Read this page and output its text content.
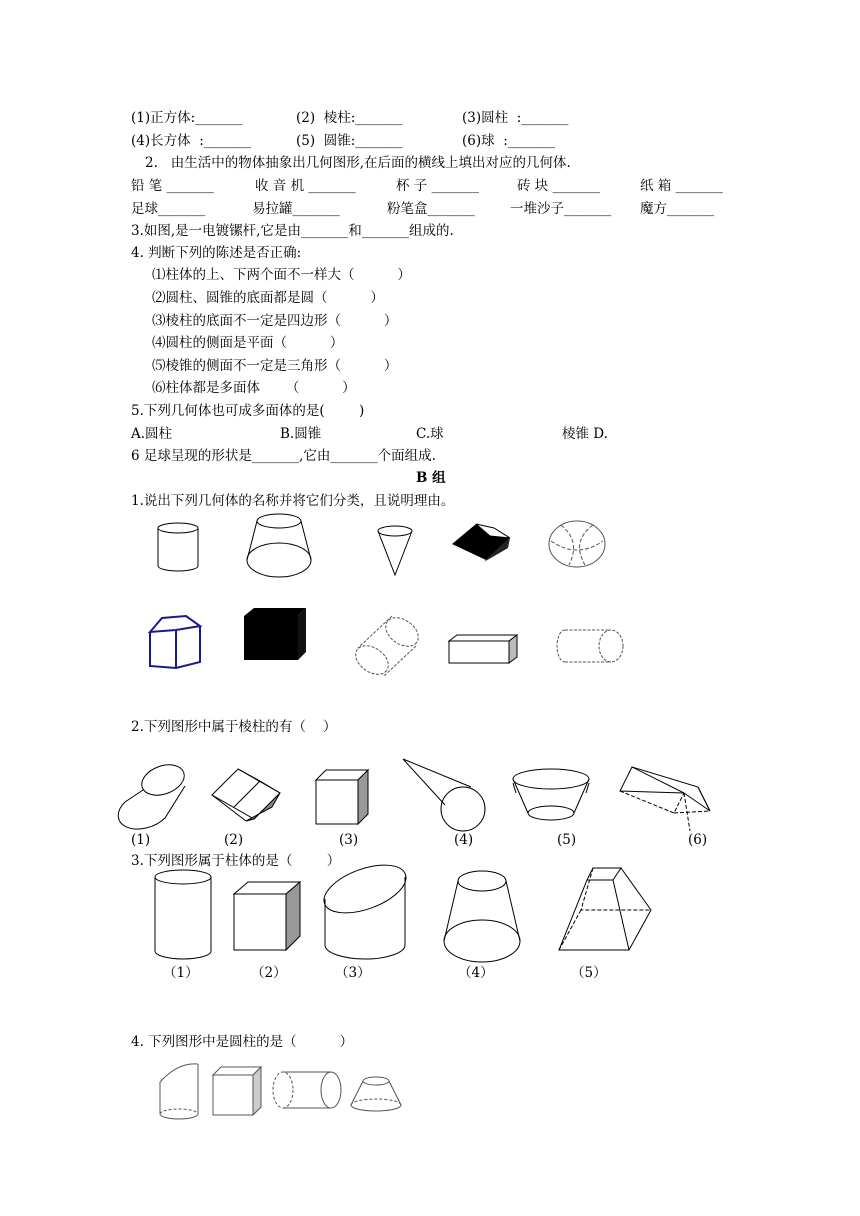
(1)正方体:_______	(2)  棱柱:_______	(3)圆柱  :_______
(4)长方体  :_______	(5)  圆锥:_______	(6)球  :_______
2.   由生活中的物体抽象出几何图形,在后面的横线上填出对应的几何体.
铅 笔 _______	收 音 机 _______	杯 子 _______	砖 块 _______	纸 箱 _______
足球_______	易拉罐_______	粉笔盒_______	一堆沙子_______ 魔方_______
3.如图,是一电镀镙杆,它是由_______和_______组成的.
4. 判断下列的陈述是否正确:
⑴柱体的上、下两个面不一样大（          ）
⑵圆柱、圆锥的底面都是圆（          ）
⑶棱柱的底面不一定是四边形（          ）
⑷圆柱的侧面是平面（          ）
⑸棱锥的侧面不一定是三角形（          ）
⑹柱体都是多面体      （          ）
5.下列几何体也可成多面体的是(        )
A.圆柱	B.圆锥	C.球	棱锥 D.
6 足球呈现的形状是_______,它由_______个面组成.
B 组
1.说出下列几何体的名称并将它们分类，且说明理由。
2.下列图形中属于棱柱的有（    ）
(1)	(2)	(3)	(4)	(5)	(6)
3.下列图形属于柱体的是（        ）
（1）	（2）	（3）	（4）	（5）
4. 下列图形中是圆柱的是（          ）
